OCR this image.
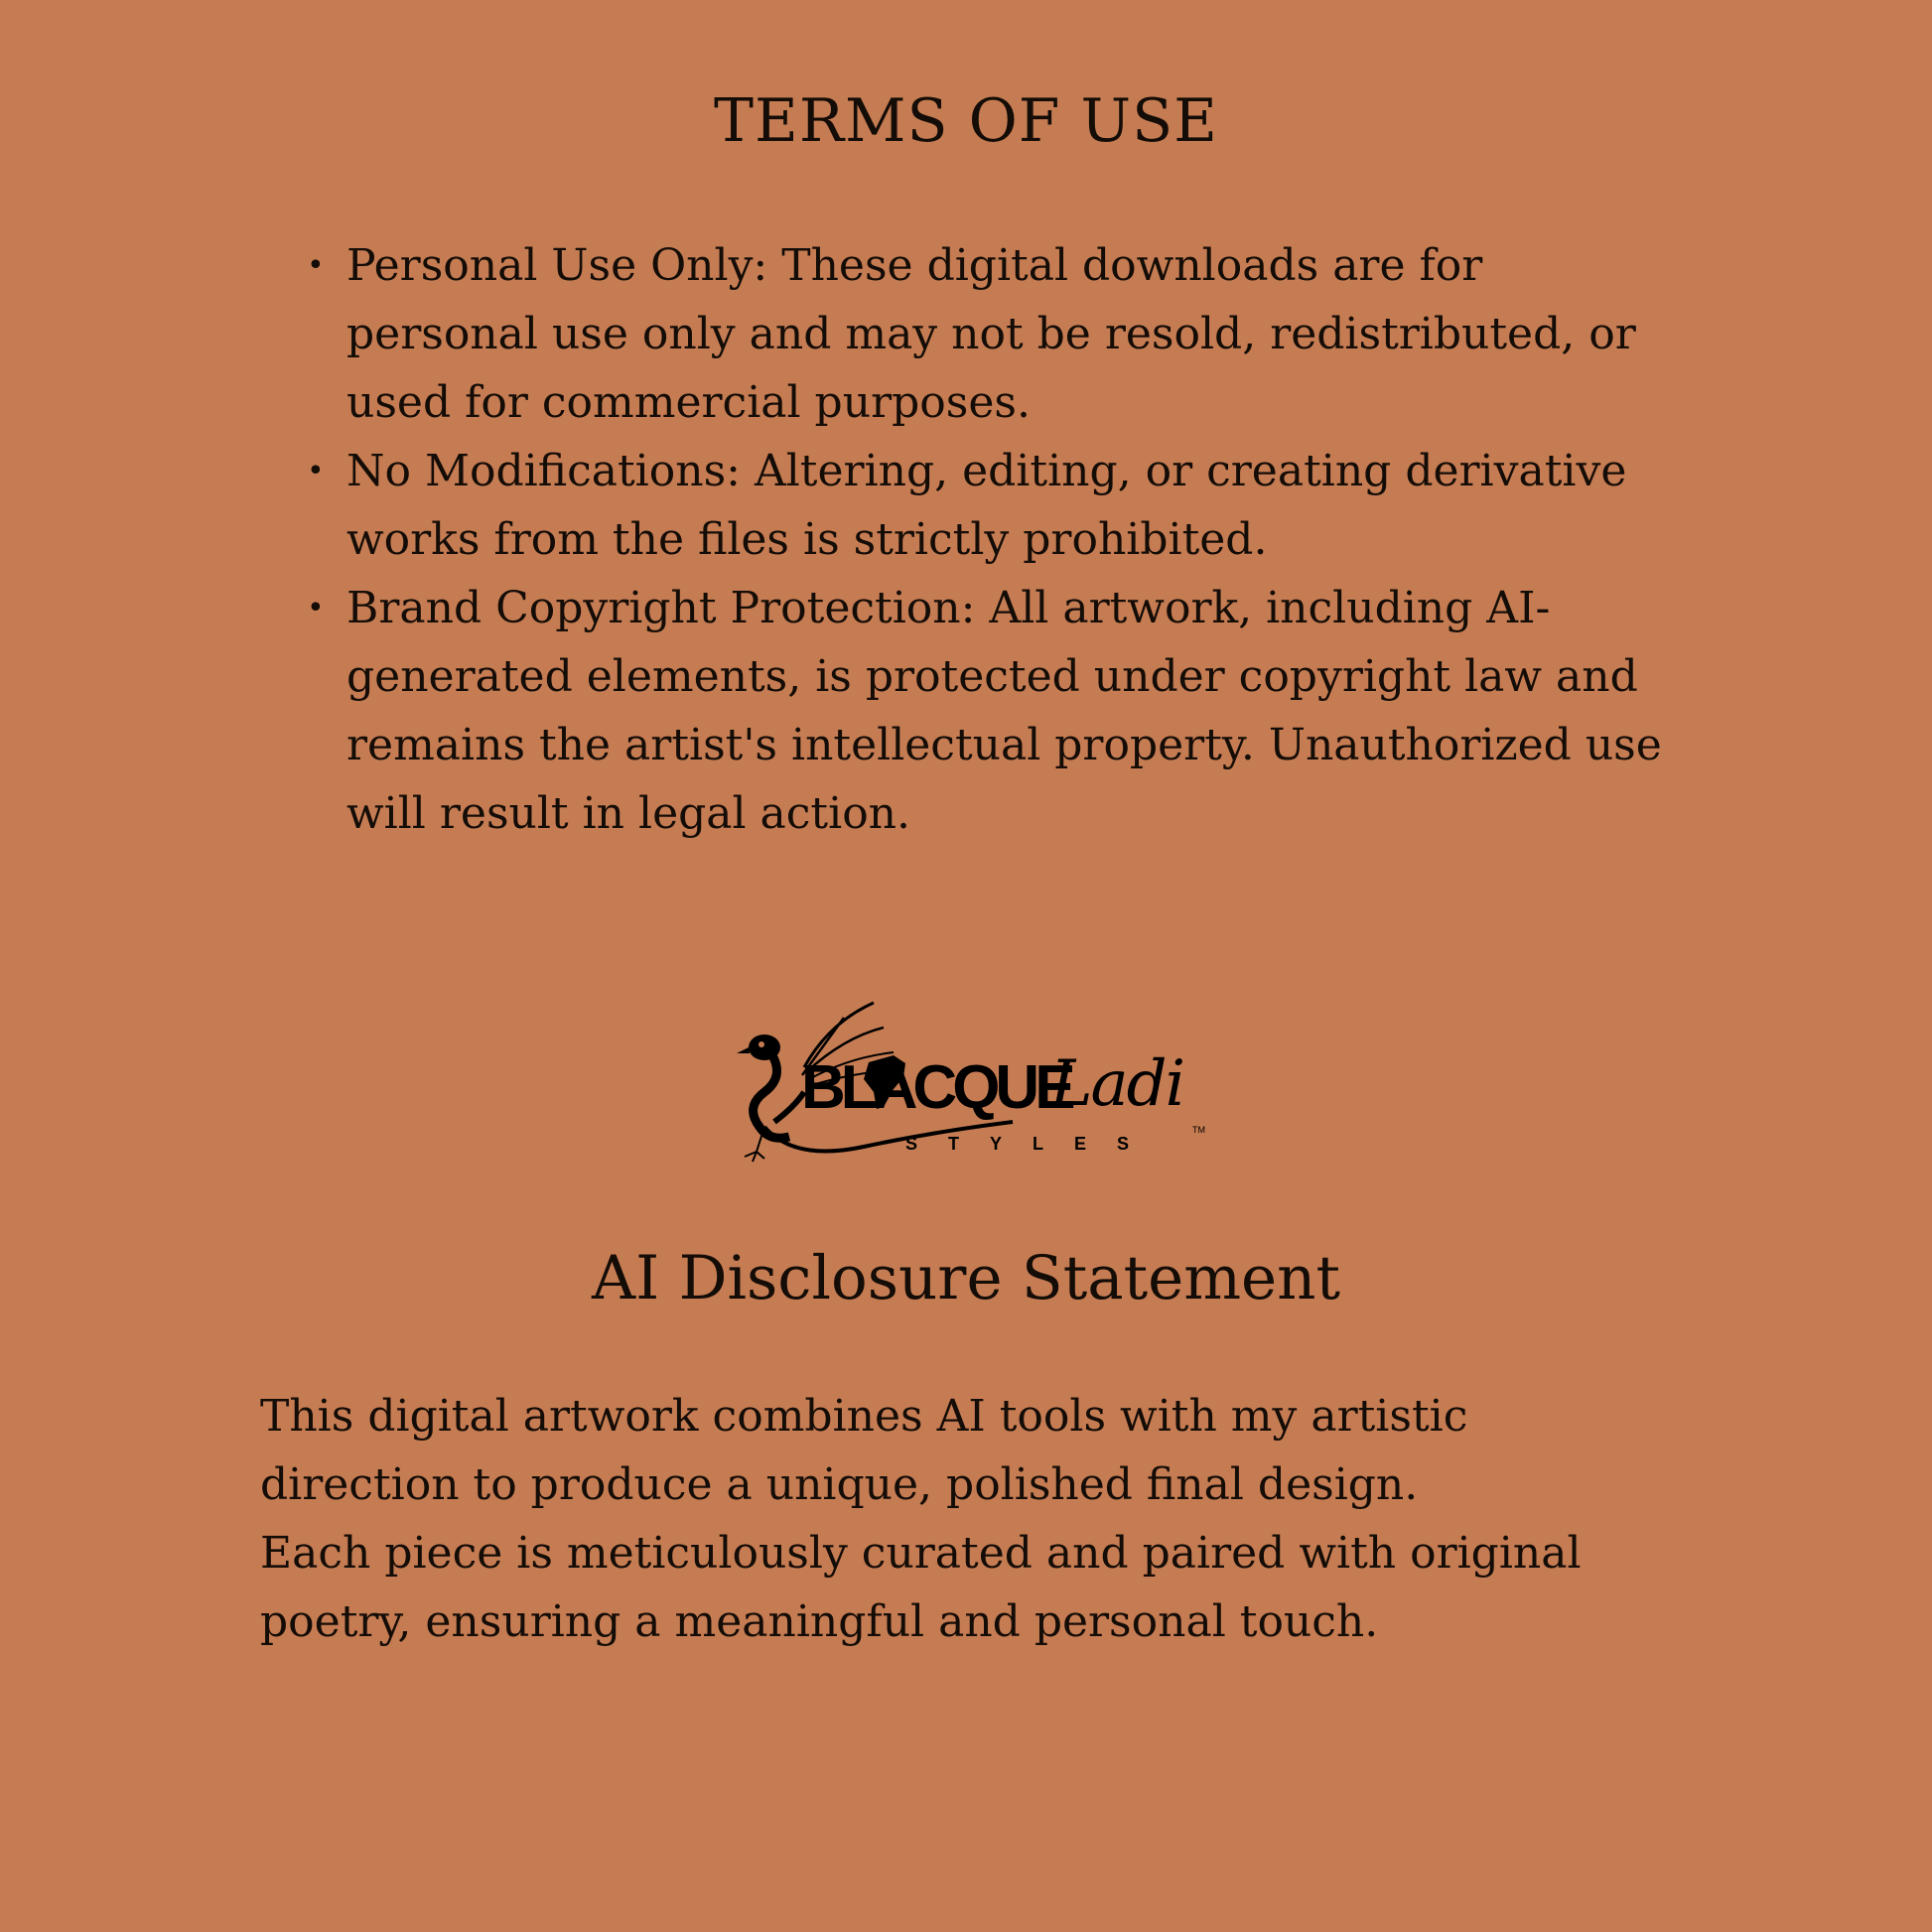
TERMS OF USE
• Personal Use Only: These digital downloads are for
personal use only and may not be resold, redistributed, or
used for commercial purposes.
• No Modifications: Altering, editing, or creating derivative
works from the files is strictly prohibited.
• Brand Copyright Protection: All artwork, including AI-
generated elements, is protected under copyright law and
remains the artist's intellectual property. Unauthorized use
will result in legal action.
BLACQUE
Ladi
STYLES
TM
AI Disclosure Statement

This digital artwork combines AI tools with my artistic
direction to produce a unique, polished final design.
Each piece is meticulously curated and paired with original
poetry, ensuring a meaningful and personal touch.
